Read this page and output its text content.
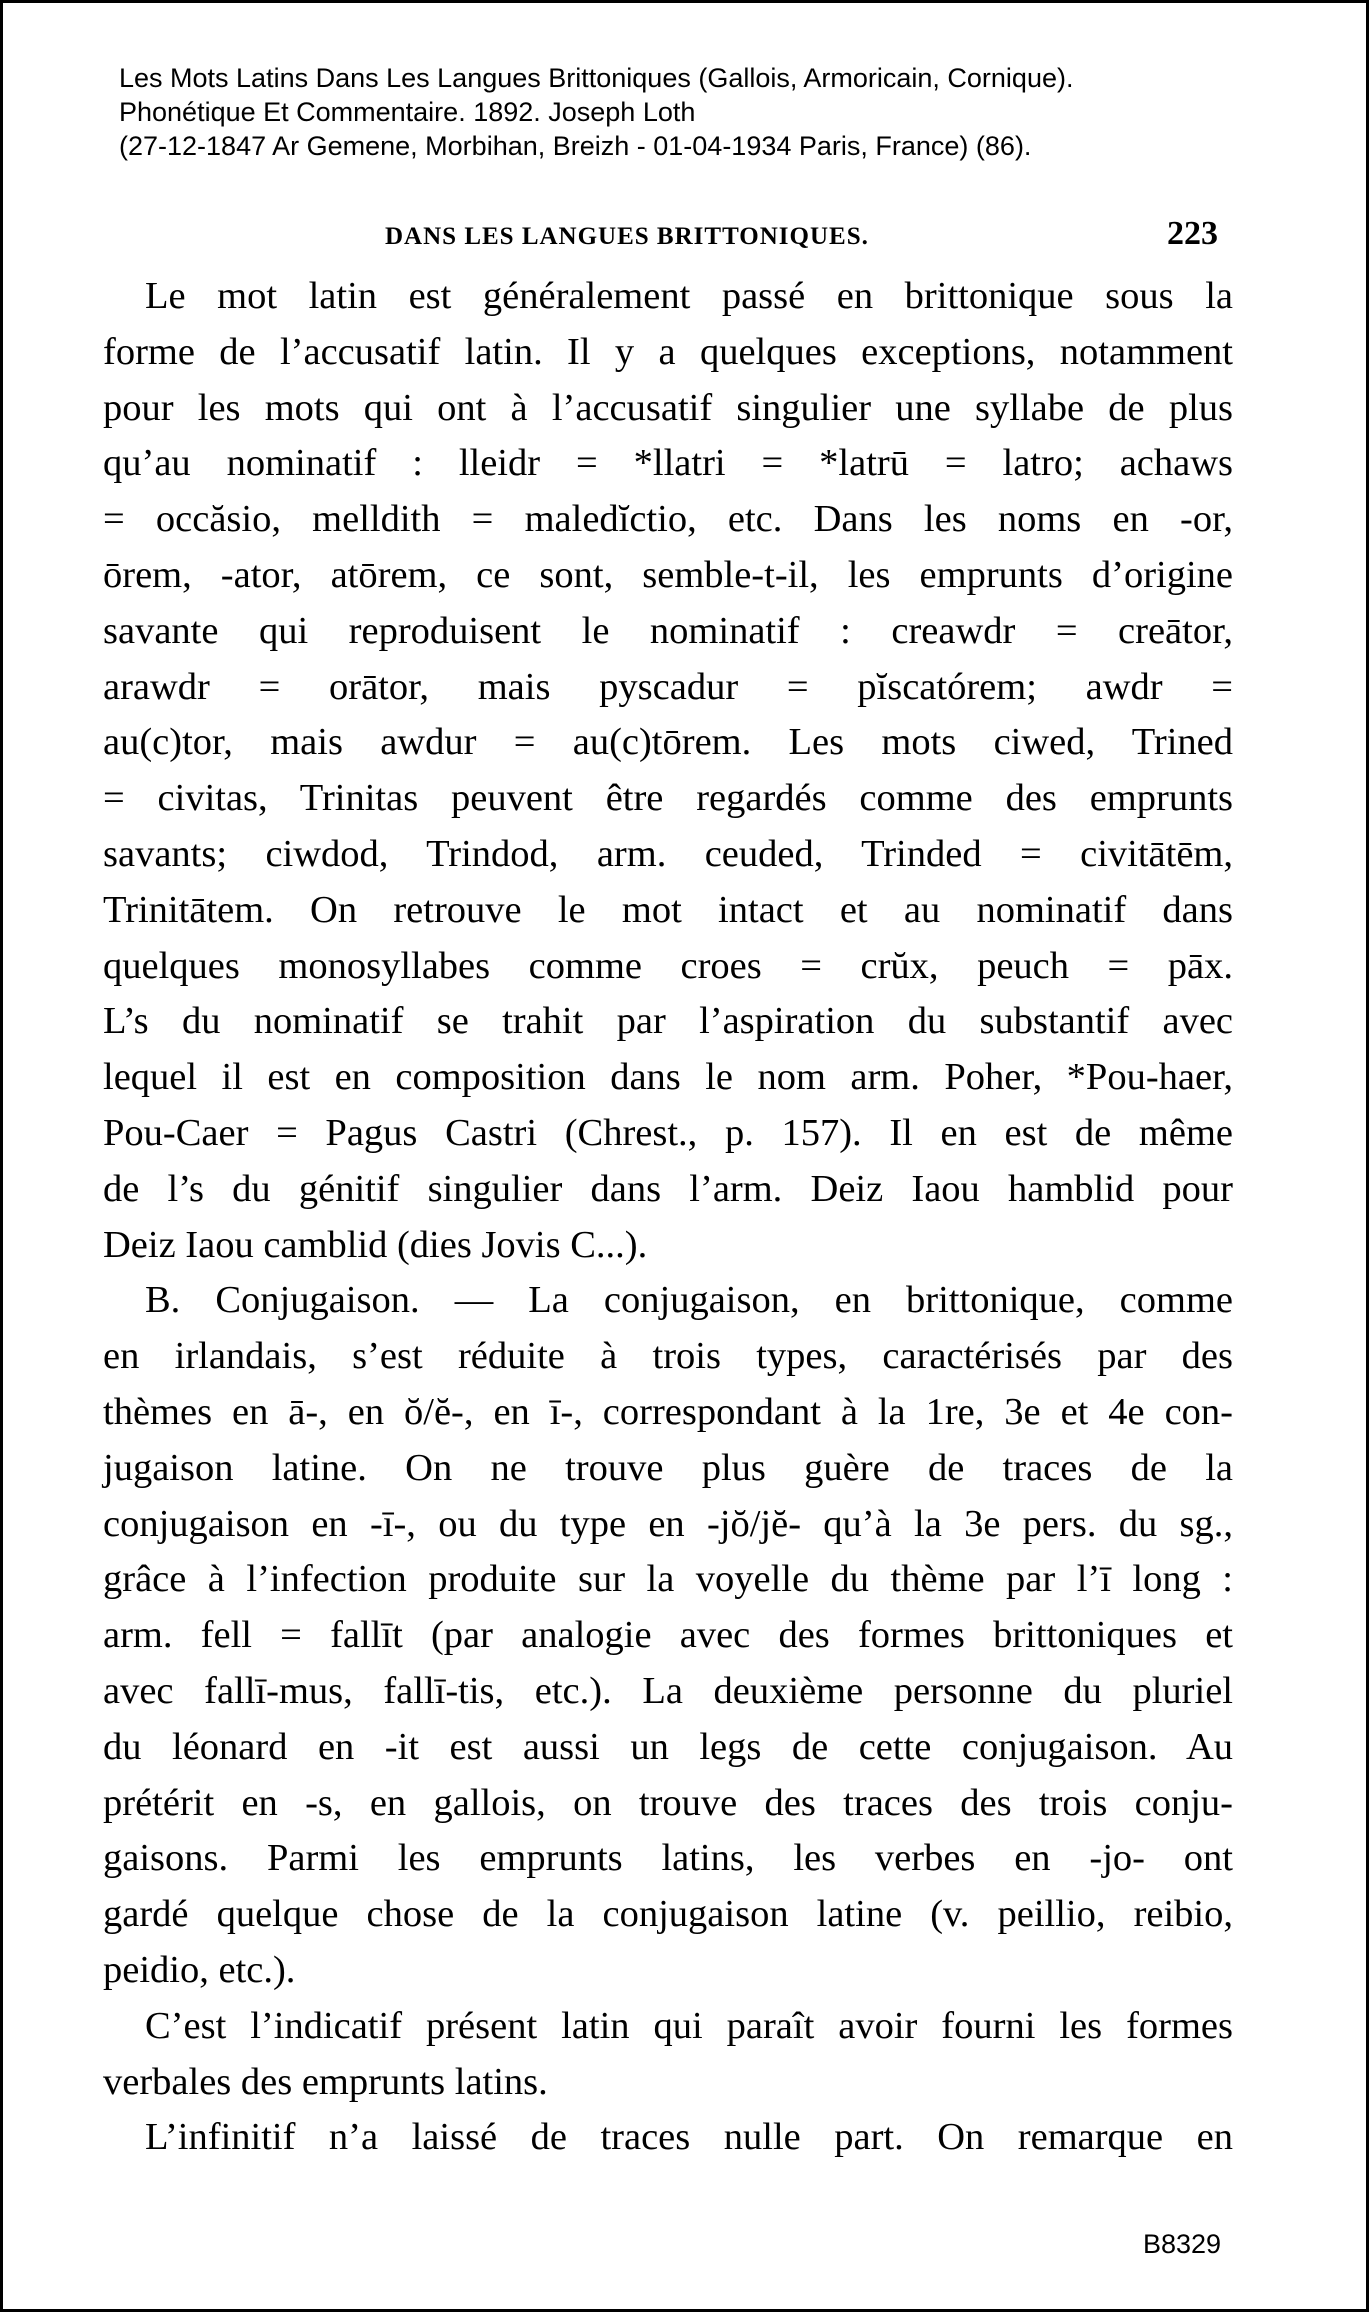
Les Mots Latins Dans Les Langues Brittoniques (Gallois, Armoricain, Cornique).
Phonétique Et Commentaire. 1892. Joseph Loth
(27-12-1847 Ar Gemene, Morbihan, Breizh - 01-04-1934 Paris, France) (86).
DANS LES LANGUES BRITTONIQUES.	223
Le mot latin est généralement passé en brittonique sous la
forme de l’accusatif latin. Il y a quelques exceptions, notamment
pour les mots qui ont à l’accusatif singulier une syllabe de plus
qu’au nominatif : lleidr = *llatri = *latrū = latro; achaws
= occăsio, melldith = maledĭctio, etc. Dans les noms en -or,
ōrem, -ator, atōrem, ce sont, semble-t-il, les emprunts d’origine
savante qui reproduisent le nominatif : creawdr = creātor,
arawdr = orātor, mais pyscadur = pĭscatórem; awdr =
au(c)tor, mais awdur = au(c)tōrem. Les mots ciwed, Trined
= civitas, Trinitas peuvent être regardés comme des emprunts
savants; ciwdod, Trindod, arm. ceuded, Trinded = civitātēm,
Trinitātem. On retrouve le mot intact et au nominatif dans
quelques monosyllabes comme croes = crŭx, peuch = pāx.
L’s du nominatif se trahit par l’aspiration du substantif avec
lequel il est en composition dans le nom arm. Poher, *Pou-haer,
Pou-Caer = Pagus Castri (Chrest., p. 157). Il en est de même
de l’s du génitif singulier dans l’arm. Deiz Iaou hamblid pour
Deiz Iaou camblid (dies Jovis C...).
B. Conjugaison. — La conjugaison, en brittonique, comme
en irlandais, s’est réduite à trois types, caractérisés par des
thèmes en ā-, en ŏ/ĕ-, en ī-, correspondant à la 1re, 3e et 4e con-
jugaison latine. On ne trouve plus guère de traces de la
conjugaison en -ī-, ou du type en -jŏ/jĕ- qu’à la 3e pers. du sg.,
grâce à l’infection produite sur la voyelle du thème par l’ī long :
arm. fell = fallīt (par analogie avec des formes brittoniques et
avec fallī-mus, fallī-tis, etc.). La deuxième personne du pluriel
du léonard en -it est aussi un legs de cette conjugaison. Au
prétérit en -s, en gallois, on trouve des traces des trois conju-
gaisons. Parmi les emprunts latins, les verbes en -jo- ont
gardé quelque chose de la conjugaison latine (v. peillio, reibio,
peidio, etc.).
C’est l’indicatif présent latin qui paraît avoir fourni les formes
verbales des emprunts latins.
L’infinitif n’a laissé de traces nulle part. On remarque en
B8329
